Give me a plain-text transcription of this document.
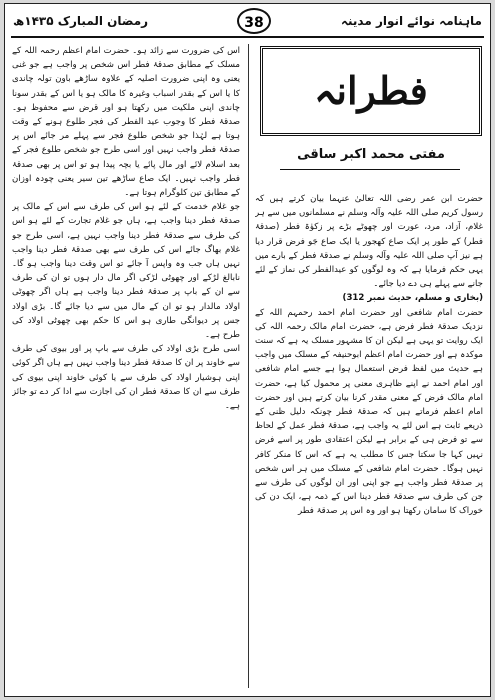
رمضان المبارک ۱۴۳۵ھ	38	ماہنامہ نوائے انوار مدینہ

اس کی ضرورت سے زائد ہو۔ حضرت امام اعظم رحمہ اللہ کے مسلک کے مطابق صدقۂ فطر اس شخص پر واجب ہے جو غنی یعنی وہ اپنی ضرورت اصلیہ کے علاوہ ساڑھے باون تولہ چاندی کا یا اس کے بقدر اسباب وغیرہ کا مالک ہو یا اس کے بقدر سونا چاندی اپنی ملکیت میں رکھتا ہو اور قرض سے محفوظ ہو۔ صدقۂ فطر کا وجوب عید الفطر کی فجر طلوع ہونے کے وقت ہوتا ہے لہٰذا جو شخص طلوع فجر سے پہلے مر جائے اس پر صدقۂ فطر واجب نہیں اور اسی طرح جو شخص طلوع فجر کے بعد اسلام لائے اور مال پائے یا بچہ پیدا ہو تو اس پر بھی صدقۂ فطر واجب نہیں۔ ایک صاع ساڑھے تین سیر یعنی چودہ اوزان کے مطابق تین کلوگرام ہوتا ہے۔

جو غلام خدمت کے لئے ہو اس کی طرف سے اس کے مالک پر صدقۂ فطر دینا واجب ہے، ہاں جو غلام تجارت کے لئے ہو اس کی طرف سے صدقۂ فطر دینا واجب نہیں ہے، اسی طرح جو غلام بھاگ جائے اس کی طرف سے بھی صدقۂ فطر دینا واجب نہیں ہاں جب وہ واپس آ جائے تو اس وقت دینا واجب ہو گا۔ نابالغ لڑکے اور چھوٹی لڑکی اگر مال دار ہوں تو ان کی طرف سے ان کے باپ پر صدقۂ فطر دینا واجب ہے ہاں اگر چھوٹی اولاد مالدار ہو تو ان کے مال میں سے دیا جائے گا۔ بڑی اولاد جس پر دیوانگی طاری ہو اس کا حکم بھی چھوٹی اولاد کی طرح ہے۔

اسی طرح بڑی اولاد کی طرف سے باپ پر اور بیوی کی طرف سے خاوند پر ان کا صدقۂ فطر دینا واجب نہیں ہے ہاں اگر کوئی اپنی ہوشیار اولاد کی طرف سے یا کوئی خاوند اپنی بیوی کی طرف سے ان کا صدقۂ فطر ان کی اجازت سے ادا کر دے تو جائز ہے۔

فطرانہ
مفتی محمد اکبر ساقی

حضرت ابن عمر رضی اللہ تعالیٰ عنہما بیان کرتے ہیں کہ رسول کریم صلی اللہ علیہ وآلہ وسلم نے مسلمانوں میں سے ہر غلام، آزاد، مرد، عورت اور چھوٹے بڑے پر زکوٰۃ فطر (صدقۂ فطر) کے طور پر ایک صاع کھجور یا ایک صاع جَو فرض قرار دیا ہے نیز آپ صلی اللہ علیہ وآلہ وسلم نے صدقۂ فطر کے بارے میں یہی حکم فرمایا ہے کہ وہ لوگوں کو عیدالفطر کی نماز کے لئے جانے سے پہلے ہی دے دیا جائے۔

(بخاری و مسلم، حدیث نمبر 312)

حضرت امام شافعی اور حضرت امام احمد رحمہم اللہ کے نزدیک صدقۂ فطر فرض ہے، حضرت امام مالک رحمہ اللہ کی ایک روایت تو یہی ہے لیکن ان کا مشہور مسلک یہ ہے کہ سنت موکدہ ہے اور حضرت امام اعظم ابوحنیفہ کے مسلک میں واجب ہے حدیث میں لفظ فرض استعمال ہوا ہے جسے امام شافعی اور امام احمد نے اپنے ظاہری معنی پر محمول کیا ہے، حضرت امام مالک فرض کے معنی مقدر کرنا بیان کرتے ہیں اور حضرت امام اعظم فرماتے ہیں کہ صدقۂ فطر چونکہ دلیل ظنی کے ذریعے ثابت ہے اس لئے یہ واجب ہے، صدقۂ فطر عمل کے لحاظ سے تو فرض ہی کے برابر ہے لیکن اعتقادی طور پر اسے فرض نہیں کہا جا سکتا جس کا مطلب یہ ہے کہ اس کا منکر کافر نہیں ہوگا۔ حضرت امام شافعی کے مسلک میں ہر اس شخص پر صدقۂ فطر واجب ہے جو اپنی اور ان لوگوں کی طرف سے جن کی طرف سے صدقۂ فطر دینا اس کے ذمہ ہے، ایک دن کی خوراک کا سامان رکھتا ہو اور وہ اس پر صدقۂ فطر
